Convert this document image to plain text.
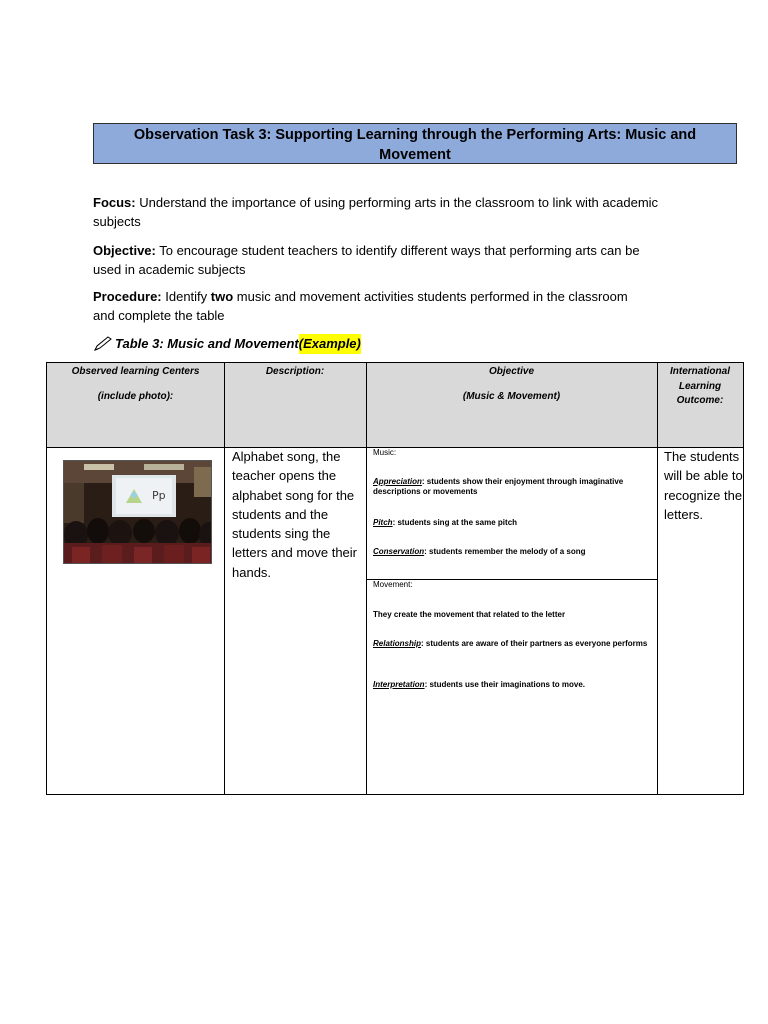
Observation Task 3: Supporting Learning through the Performing Arts: Music and
Movement
Focus: Understand the importance of using performing arts in the classroom to link with academic subjects
Objective: To encourage student teachers to identify different ways that performing arts can be used in academic subjects
Procedure: Identify two music and movement activities students performed in the classroom and complete the table
Table 3: Music and Movement (Example)
Observed learning Centers
(include photo):
Description:	Objective
(Music & Movement)
International
Learning
Outcome:
Pp
Alphabet song, the teacher opens the alphabet song for the students and the students sing the letters and move their hands.
Music:
Appreciation: students show their enjoyment through imaginative descriptions or movements
Pitch: students sing at the same pitch
Conservation: students remember the melody of a song
Movement:
They create the movement that related to the letter
Relationship: students are aware of their partners as everyone performs
Interpretation: students use their imaginations to move.
The students will be able to recognize the letters.
